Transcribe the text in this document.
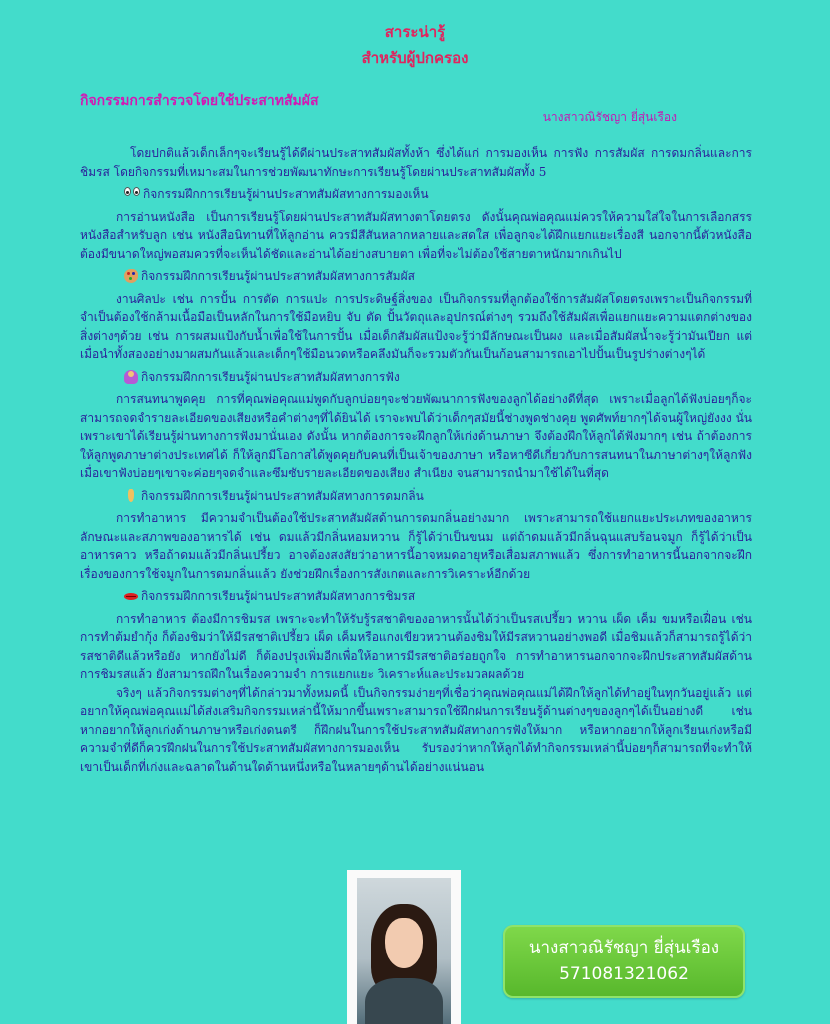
สาระน่ารู้
สำหรับผู้ปกครอง
กิจกรรมการสำรวจโดยใช้ประสาทสัมผัส
นางสาวณิรัชญา ยี่สุ่นเรือง

โดยปกติแล้วเด็กเล็กๆจะเรียนรู้ได้ดีผ่านประสาทสัมผัสทั้งห้า ซึ่งได้แก่ การมองเห็น การฟัง การสัมผัส การดมกลิ่นและการชิมรส โดยกิจกรรมที่เหมาะสมในการช่วยพัฒนาทักษะการเรียนรู้โดยผ่านประสาทสัมผัสทั้ง 5

กิจกรรมฝึกการเรียนรู้ผ่านประสาทสัมผัสทางการมองเห็น

การอ่านหนังสือ เป็นการเรียนรู้โดยผ่านประสาทสัมผัสทางตาโดยตรง ดังนั้นคุณพ่อคุณแม่ควรให้ความใส่ใจในการเลือกสรรหนังสือสำหรับลูก เช่น หนังสือนิทานที่ให้ลูกอ่าน ควรมีสีสันหลากหลายและสดใส เพื่อลูกจะได้ฝึกแยกแยะเรื่องสี นอกจากนี้ตัวหนังสือต้องมีขนาดใหญ่พอสมควรที่จะเห็นได้ชัดและอ่านได้อย่างสบายตา เพื่อที่จะไม่ต้องใช้สายตาหนักมากเกินไป

กิจกรรมฝึกการเรียนรู้ผ่านประสาทสัมผัสทางการสัมผัส

งานศิลปะ เช่น การปั้น การตัด การแปะ การประดิษฐ์สิ่งของ เป็นกิจกรรมที่ลูกต้องใช้การสัมผัสโดยตรงเพราะเป็นกิจกรรมที่จำเป็นต้องใช้กล้ามเนื้อมือเป็นหลักในการใช้มือหยิบ จับ ตัด ปั้นวัตถุและอุปกรณ์ต่างๆ รวมถึงใช้สัมผัสเพื่อแยกแยะความแตกต่างของสิ่งต่างๆด้วย เช่น การผสมแป้งกับน้ำเพื่อใช้ในการปั้น เมื่อเด็กสัมผัสแป้งจะรู้ว่ามีลักษณะเป็นผง และเมื่อสัมผัสน้ำจะรู้ว่ามันเปียก แต่เมื่อนำทั้งสองอย่างมาผสมกันแล้วและเด็กๆใช้มือนวดหรือคลึงมันก็จะรวมตัวกันเป็นก้อนสามารถเอาไปปั้นเป็นรูปร่างต่างๆได้

กิจกรรมฝึกการเรียนรู้ผ่านประสาทสัมผัสทางการฟัง

การสนทนาพูดคุย การที่คุณพ่อคุณแม่พูดกับลูกบ่อยๆจะช่วยพัฒนาการฟังของลูกได้อย่างดีที่สุด เพราะเมื่อลูกได้ฟังบ่อยๆก็จะสามารถจดจำรายละเอียดของเสียงหรือคำต่างๆที่ได้ยินได้ เราจะพบได้ว่าเด็กๆสมัยนี้ช่างพูดช่างคุย พูดศัพท์ยากๆได้จนผู้ใหญ่ยังงง นั่นเพราะเขาได้เรียนรู้ผ่านทางการฟังมานั่นเอง ดังนั้น หากต้องการจะฝึกลูกให้เก่งด้านภาษา จึงต้องฝึกให้ลูกได้ฟังมากๆ เช่น ถ้าต้องการให้ลูกพูดภาษาต่างประเทศได้ ก็ให้ลูกมีโอกาสได้พูดคุยกับคนที่เป็นเจ้าของภาษา หรือหาซีดีเกี่ยวกับการสนทนาในภาษาต่างๆให้ลูกฟัง เมื่อเขาฟังบ่อยๆเขาจะค่อยๆจดจำและซึมซับรายละเอียดของเสียง สำเนียง จนสามารถนำมาใช้ได้ในที่สุด

กิจกรรมฝึกการเรียนรู้ผ่านประสาทสัมผัสทางการดมกลิ่น

การทำอาหาร มีความจำเป็นต้องใช้ประสาทสัมผัสด้านการดมกลิ่นอย่างมาก เพราะสามารถใช้แยกแยะประเภทของอาหาร ลักษณะและสภาพของอาหารได้ เช่น ดมแล้วมีกลิ่นหอมหวาน ก็รู้ได้ว่าเป็นขนม แต่ถ้าดมแล้วมีกลิ่นฉุนแสบร้อนจมูก ก็รู้ได้ว่าเป็นอาหารคาว หรือถ้าดมแล้วมีกลิ่นเปรี้ยว อาจต้องสงสัยว่าอาหารนี้อาจหมดอายุหรือเสื่อมสภาพแล้ว ซึ่งการทำอาหารนี้นอกจากจะฝึกเรื่องของการใช้จมูกในการดมกลิ่นแล้ว ยังช่วยฝึกเรื่องการสังเกตและการวิเคราะห์อีกด้วย

กิจกรรมฝึกการเรียนรู้ผ่านประสาทสัมผัสทางการชิมรส

การทำอาหาร ต้องมีการชิมรส เพราะจะทำให้รับรู้รสชาติของอาหารนั้นได้ว่าเป็นรสเปรี้ยว หวาน เผ็ด เค็ม ขมหรือเฝื่อน เช่น การทำต้มยำกุ้ง ก็ต้องชิมว่าให้มีรสชาติเปรี้ยว เผ็ด เค็มหรือแกงเขียวหวานต้องชิมให้มีรสหวานอย่างพอดี เมื่อชิมแล้วก็สามารถรู้ได้ว่ารสชาติดีแล้วหรือยัง หากยังไม่ดี ก็ต้องปรุงเพิ่มอีกเพื่อให้อาหารมีรสชาติอร่อยถูกใจ การทำอาหารนอกจากจะฝึกประสาทสัมผัสด้านการชิมรสแล้ว ยังสามารถฝึกในเรื่องความจำ การแยกแยะ วิเคราะห์และประมวลผลด้วย

จริงๆ แล้วกิจกรรมต่างๆที่ได้กล่าวมาทั้งหมดนี้ เป็นกิจกรรมง่ายๆที่เชื่อว่าคุณพ่อคุณแม่ได้ฝึกให้ลูกได้ทำอยู่ในทุกวันอยู่แล้ว แต่อยากให้คุณพ่อคุณแม่ได้ส่งเสริมกิจกรรมเหล่านี้ให้มากขึ้นเพราะสามารถใช้ฝึกฝนการเรียนรู้ด้านต่างๆของลูกๆได้เป็นอย่างดี เช่น หากอยากให้ลูกเก่งด้านภาษาหรือเก่งดนตรี ก็ฝึกฝนในการใช้ประสาทสัมผัสทางการฟังให้มาก หรือหากอยากให้ลูกเรียนเก่งหรือมีความจำที่ดีก็ควรฝึกฝนในการใช้ประสาทสัมผัสทางการมองเห็น รับรองว่าหากให้ลูกได้ทำกิจกรรมเหล่านี้บ่อยๆก็สามารถที่จะทำให้เขาเป็นเด็กที่เก่งและฉลาดในด้านใดด้านหนึ่งหรือในหลายๆด้านได้อย่างแน่นอน

นางสาวณิรัชญา ยี่สุ่นเรือง
571081321062
